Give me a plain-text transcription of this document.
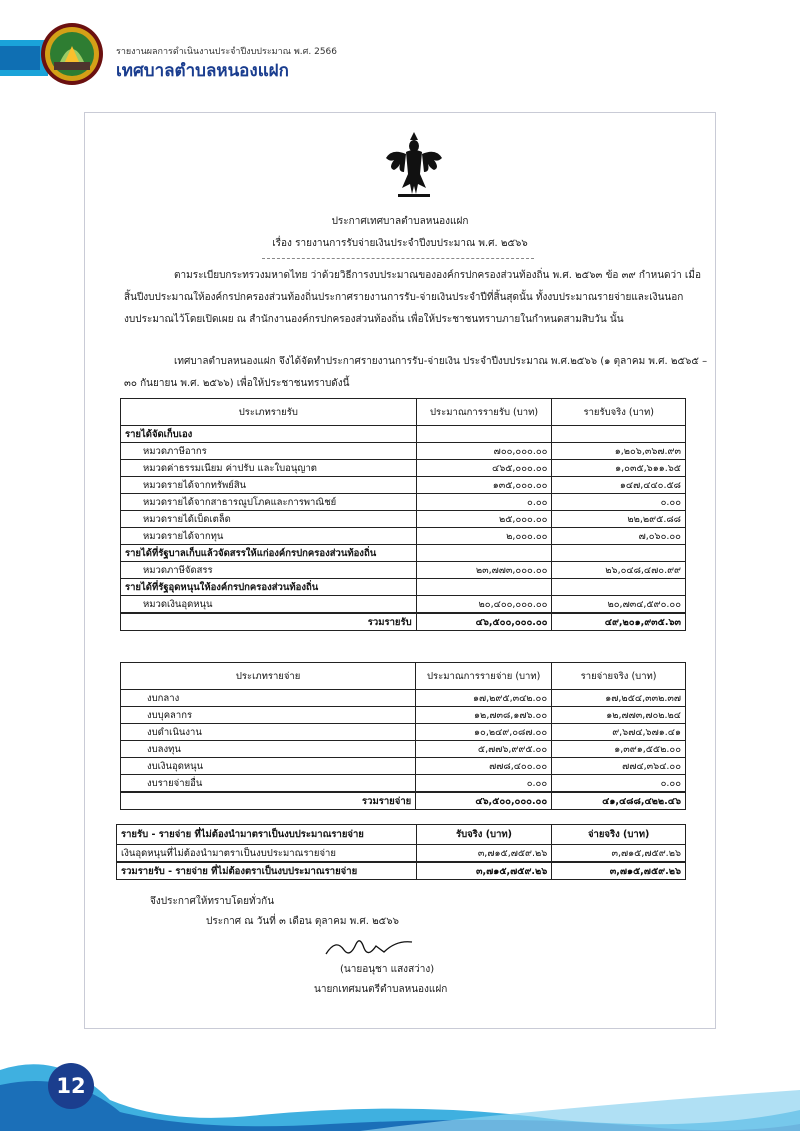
รายงานผลการดำเนินงานประจำปีงบประมาณ พ.ศ. 2566
เทศบาลตำบลหนองแฝก
ประกาศเทศบาลตำบลหนองแฝก
เรื่อง รายงานการรับจ่ายเงินประจำปีงบประมาณ พ.ศ. ๒๕๖๖
ตามระเบียบกระทรวงมหาดไทย ว่าด้วยวิธีการงบประมาณขององค์กรปกครองส่วนท้องถิ่น พ.ศ. ๒๕๖๓ ข้อ ๓๙ กำหนดว่า เมื่อ
สิ้นปีงบประมาณให้องค์กรปกครองส่วนท้องถิ่นประกาศรายงานการรับ-จ่ายเงินประจำปีที่สิ้นสุดนั้น ทั้งงบประมาณรายจ่ายและเงินนอก
งบประมาณไว้โดยเปิดเผย ณ สำนักงานองค์กรปกครองส่วนท้องถิ่น เพื่อให้ประชาชนทราบภายในกำหนดสามสิบวัน นั้น
เทศบาลตำบลหนองแฝก จึงได้จัดทำประกาศรายงานการรับ-จ่ายเงิน ประจำปีงบประมาณ พ.ศ.๒๕๖๖ (๑ ตุลาคม พ.ศ. ๒๕๖๕ –
๓๐ กันยายน พ.ศ. ๒๕๖๖) เพื่อให้ประชาชนทราบดังนี้
ประเภทรายรับ	ประมาณการรายรับ (บาท)	รายรับจริง (บาท)
รายได้จัดเก็บเอง		
หมวดภาษีอากร	๗๐๐,๐๐๐.๐๐	๑,๒๐๖,๓๖๗.๙๓
หมวดค่าธรรมเนียม ค่าปรับ และใบอนุญาต	๔๖๕,๐๐๐.๐๐	๑,๐๓๕,๖๑๑.๖๕
หมวดรายได้จากทรัพย์สิน	๑๓๕,๐๐๐.๐๐	๑๔๗,๔๔๐.๕๘
หมวดรายได้จากสาธารณูปโภคและการพาณิชย์	๐.๐๐	๐.๐๐
หมวดรายได้เบ็ดเตล็ด	๒๕,๐๐๐.๐๐	๒๒,๒๙๕.๘๘
หมวดรายได้จากทุน	๒,๐๐๐.๐๐	๗,๐๖๐.๐๐
รายได้ที่รัฐบาลเก็บแล้วจัดสรรให้แก่องค์กรปกครองส่วนท้องถิ่น		
หมวดภาษีจัดสรร	๒๓,๗๗๓,๐๐๐.๐๐	๒๖,๐๔๘,๔๗๐.๙๙
รายได้ที่รัฐอุดหนุนให้องค์กรปกครองส่วนท้องถิ่น		
หมวดเงินอุดหนุน	๒๐,๔๐๐,๐๐๐.๐๐	๒๐,๗๓๔,๕๙๐.๐๐
รวมรายรับ	๔๖,๕๐๐,๐๐๐.๐๐	๔๙,๒๐๑,๙๓๕.๖๓
ประเภทรายจ่าย	ประมาณการรายจ่าย (บาท)	รายจ่ายจริง (บาท)
งบกลาง	๑๗,๒๙๕,๓๔๒.๐๐	๑๗,๒๕๔,๓๓๒.๓๗
งบบุคลากร	๑๒,๗๓๘,๑๗๖.๐๐	๑๒,๗๗๓,๗๐๒.๒๔
งบดำเนินงาน	๑๐,๒๔๙,๐๘๗.๐๐	๙,๖๗๔,๖๗๑.๔๑
งบลงทุน	๕,๗๗๖,๙๙๕.๐๐	๑,๓๙๑,๕๕๒.๐๐
งบเงินอุดหนุน	๗๗๘,๔๐๐.๐๐	๗๗๔,๓๖๔.๐๐
งบรายจ่ายอื่น	๐.๐๐	๐.๐๐
รวมรายจ่าย	๔๖,๕๐๐,๐๐๐.๐๐	๔๑,๔๘๘,๔๒๒.๔๖
รายรับ - รายจ่าย ที่ไม่ต้องนำมาตราเป็นงบประมาณรายจ่าย	รับจริง (บาท)	จ่ายจริง (บาท)
เงินอุดหนุนที่ไม่ต้องนำมาตราเป็นงบประมาณรายจ่าย	๓,๗๑๕,๗๕๙.๒๖	๓,๗๑๕,๗๕๙.๒๖
รวมรายรับ - รายจ่าย ที่ไม่ต้องตราเป็นงบประมาณรายจ่าย	๓,๗๑๕,๗๕๙.๒๖	๓,๗๑๕,๗๕๙.๒๖
จึงประกาศให้ทราบโดยทั่วกัน
ประกาศ ณ วันที่ ๓ เดือน ตุลาคม พ.ศ. ๒๕๖๖
(นายอนุชา แสงสว่าง)
นายกเทศมนตรีตำบลหนองแฝก
12
